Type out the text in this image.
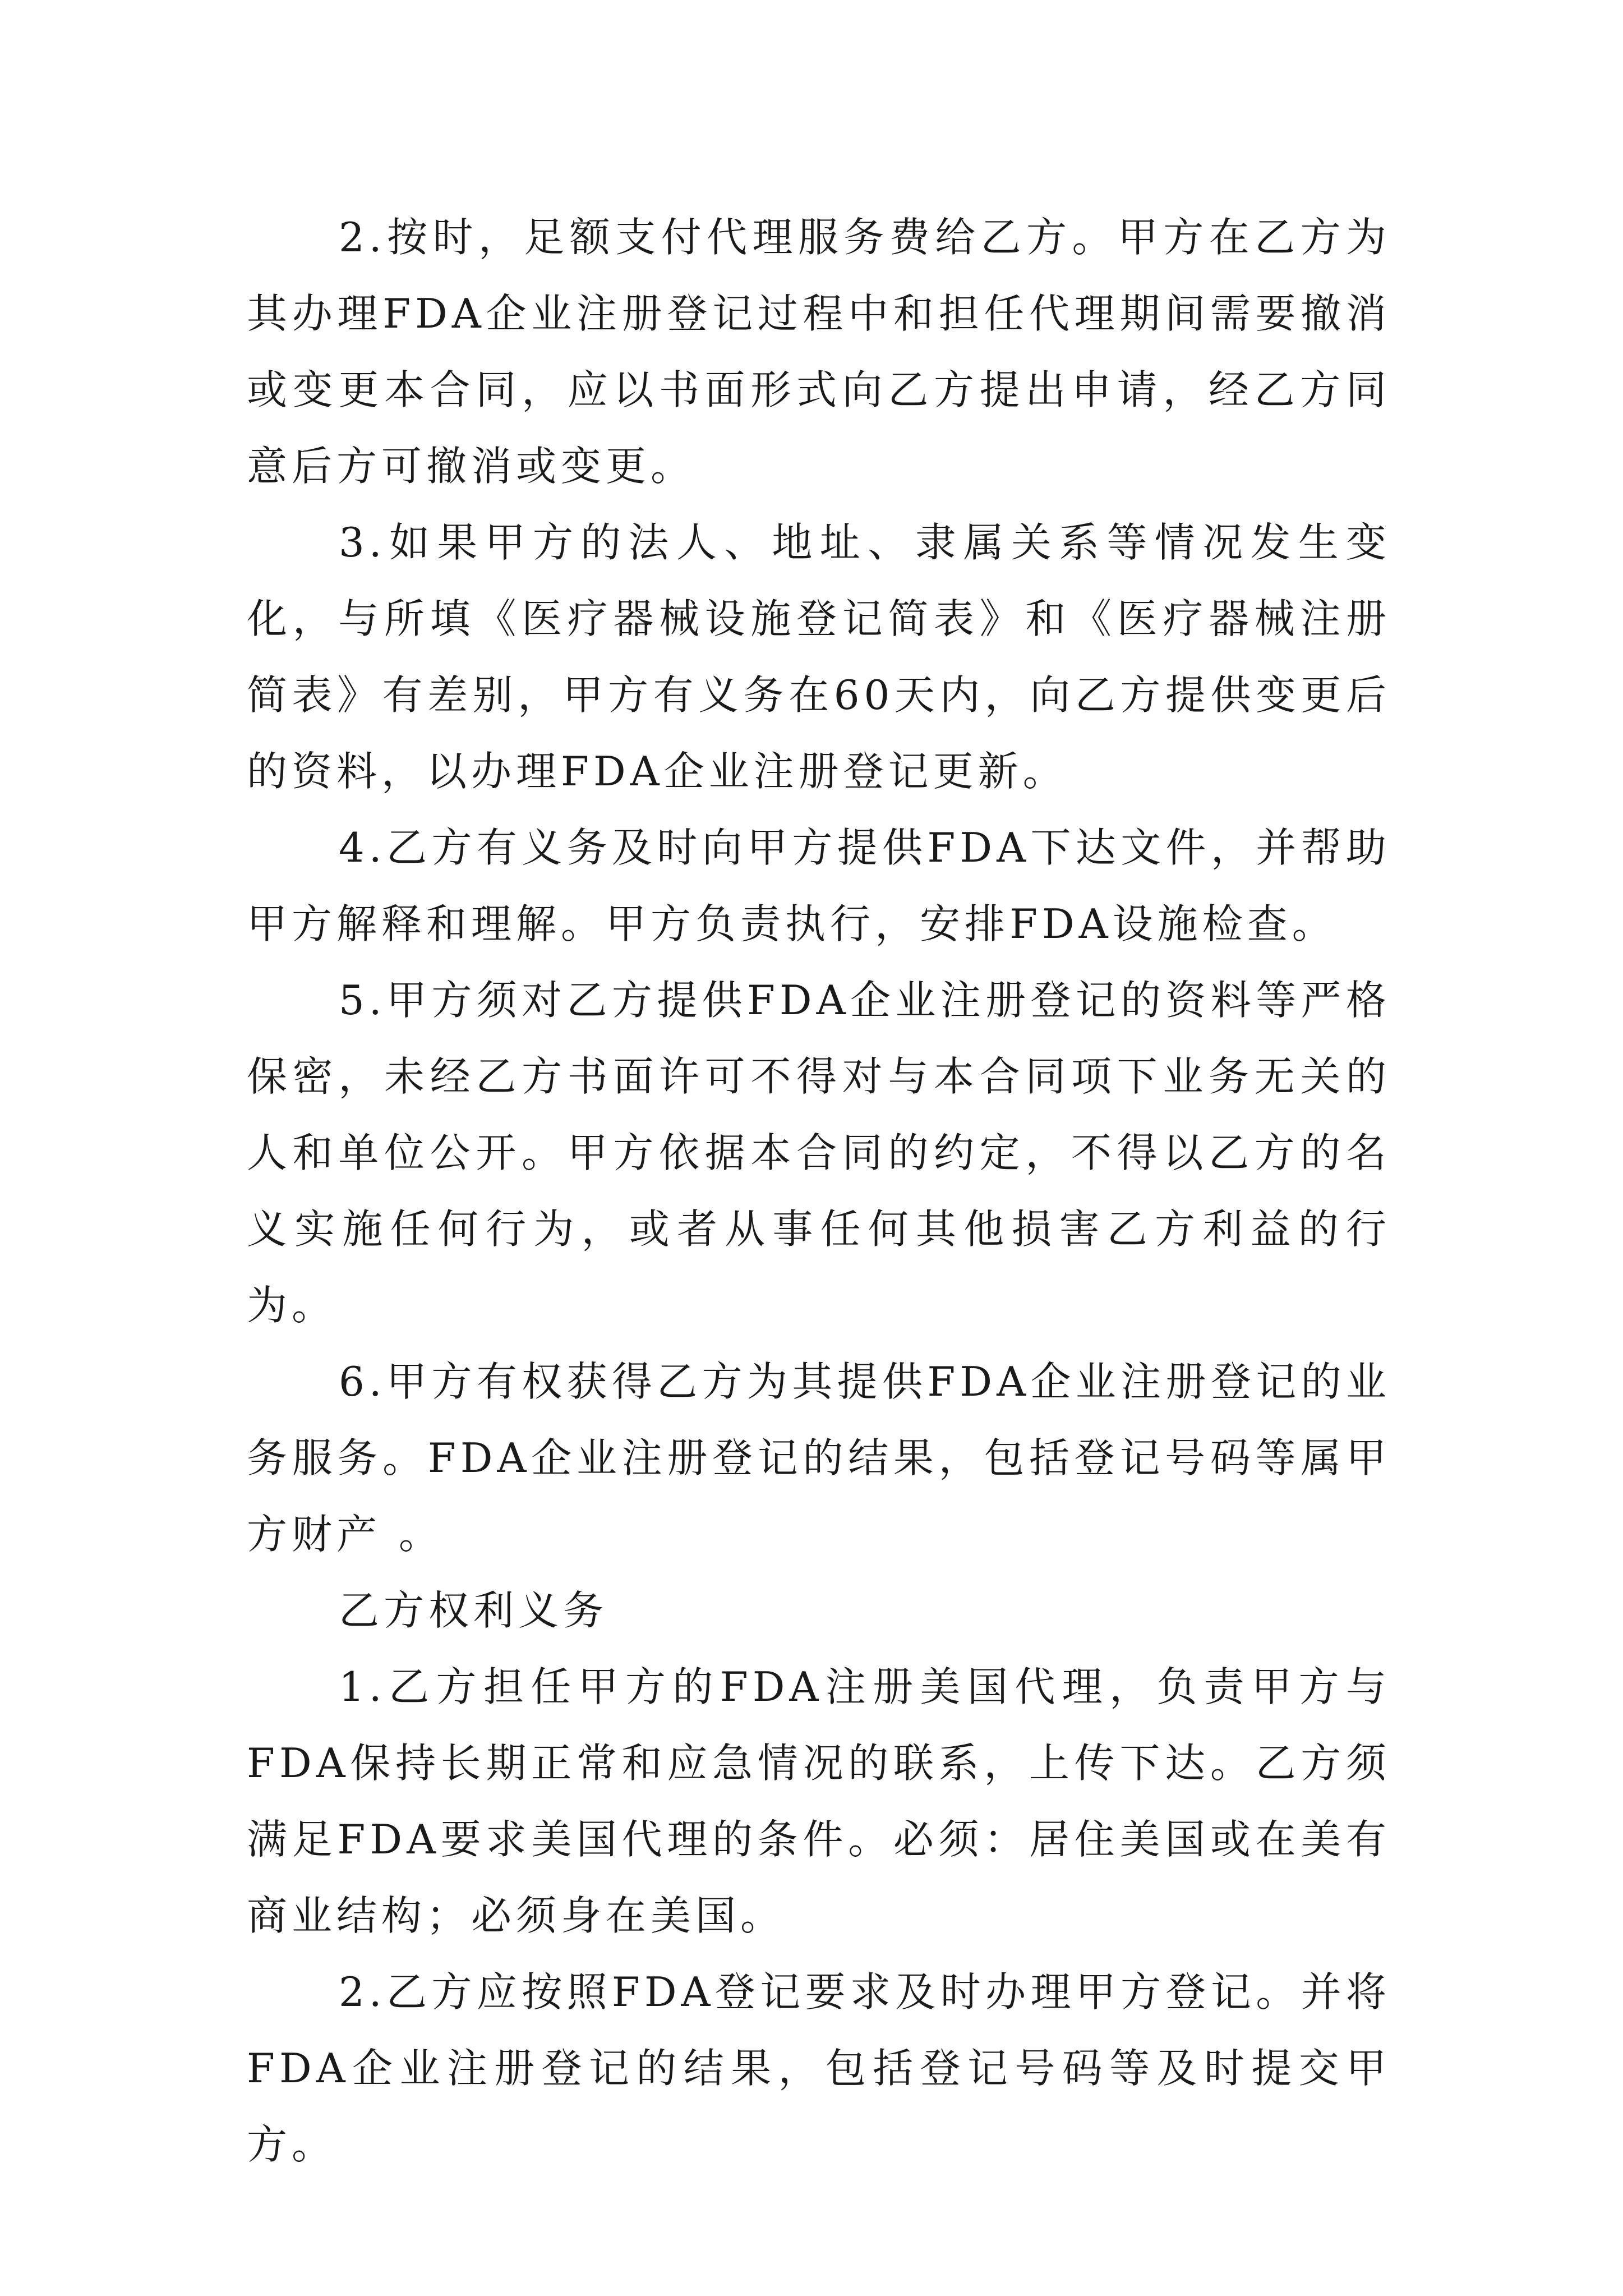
2.按时，足额支付代理服务费给乙方。甲方在乙方为其办理FDA企业注册登记过程中和担任代理期间需要撤消或变更本合同，应以书面形式向乙方提出申请，经乙方同意后方可撤消或变更。

3.如果甲方的法人、地址、隶属关系等情况发生变化，与所填《医疗器械设施登记简表》和《医疗器械注册简表》有差别，甲方有义务在60天内，向乙方提供变更后的资料，以办理FDA企业注册登记更新。

4.乙方有义务及时向甲方提供FDA下达文件，并帮助甲方解释和理解。甲方负责执行，安排FDA设施检查。

5.甲方须对乙方提供FDA企业注册登记的资料等严格保密，未经乙方书面许可不得对与本合同项下业务无关的人和单位公开。甲方依据本合同的约定，不得以乙方的名义实施任何行为，或者从事任何其他损害乙方利益的行为。

6.甲方有权获得乙方为其提供FDA企业注册登记的业务服务。FDA企业注册登记的结果，包括登记号码等属甲方财产 。

乙方权利义务

1.乙方担任甲方的FDA注册美国代理，负责甲方与FDA保持长期正常和应急情况的联系，上传下达。乙方须满足FDA要求美国代理的条件。必须：居住美国或在美有商业结构；必须身在美国。

2.乙方应按照FDA登记要求及时办理甲方登记。并将FDA企业注册登记的结果，包括登记号码等及时提交甲方。
